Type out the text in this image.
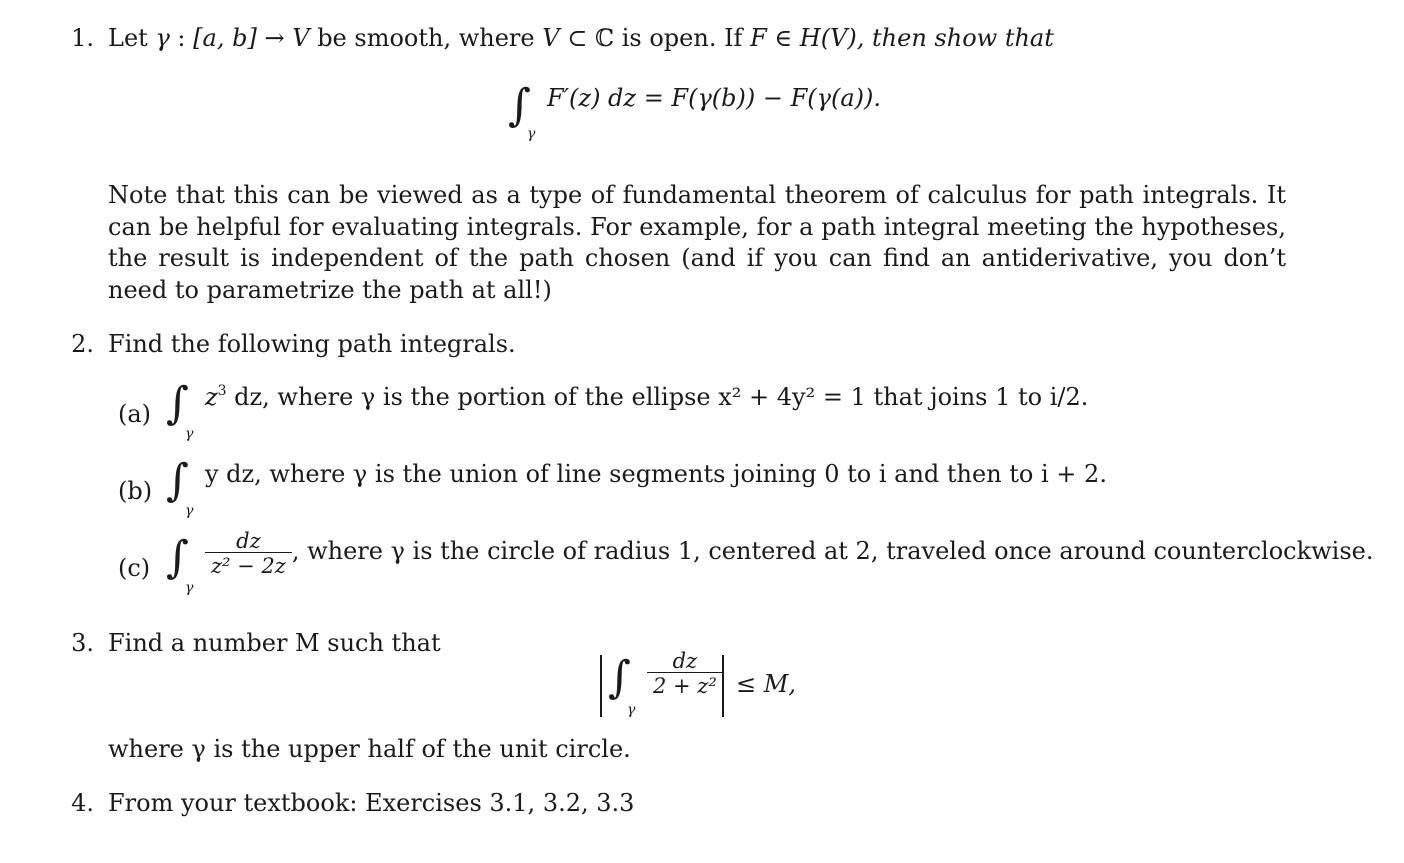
1. Let γ : [a, b] → V be smooth, where V ⊂ ℂ is open. If F ∈ H(V), then show that
$\int_\gamma$ F′(z) dz = F(γ(b)) − F(γ(a)).
Note that this can be viewed as a type of fundamental theorem of calculus for path integrals. It can be helpful for evaluating integrals. For example, for a path integral meeting the hypotheses, the result is independent of the path chosen (and if you can find an antiderivative, you don’t need to parametrize the path at all!)
2. Find the following path integrals.
(a) $\int_\gamma$ $z^3$ dz, where γ is the portion of the ellipse x² + 4y² = 1 that joins 1 to i/2.
(b) $\int_\gamma$ y dz, where γ is the union of line segments joining 0 to i and then to i + 2.
(c) $\int_\gamma$
$\frac{dz}{\text{z² − 2z}}$ , where γ is the circle of radius 1, centered at 2, traveled once around counterclockwise.
3. Find a number M such that
$\int_\gamma$
$\frac{dz}{\text{2 + z²}} \le M$,
where γ is the upper half of the unit circle.
4. From your textbook: Exercises 3.1, 3.2, 3.3
